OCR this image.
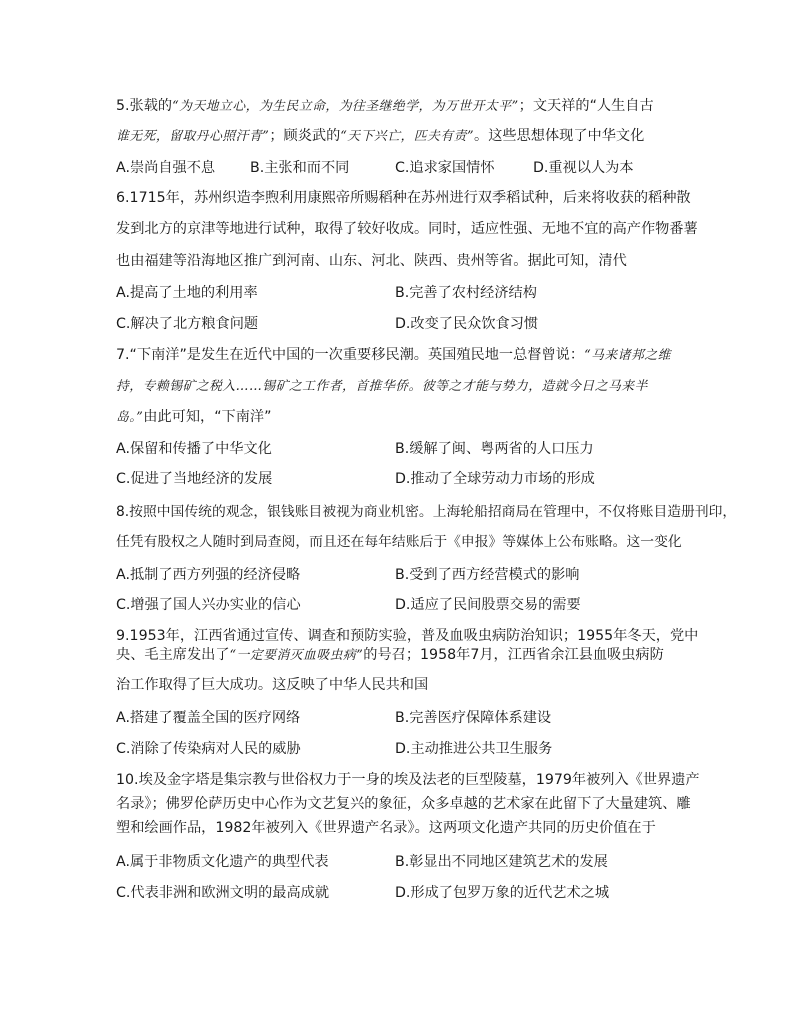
5.张载的“为天地立心，为生民立命，为往圣继绝学，为万世开太平”；文天祥的“人生自古
谁无死，留取丹心照汗青”；顾炎武的“天下兴亡，匹夫有责”。这些思想体现了中华文化
A.崇尚自强不息 B.主张和而不同	C.追求家国情怀	D.重视以人为本
6.1715年，苏州织造李煦利用康熙帝所赐稻种在苏州进行双季稻试种，后来将收获的稻种散
发到北方的京津等地进行试种，取得了较好收成。同时，适应性强、无地不宜的高产作物番薯
也由福建等沿海地区推广到河南、山东、河北、陕西、贵州等省。据此可知，清代
A.提高了土地的利用率	B.完善了农村经济结构
C.解决了北方粮食问题	D.改变了民众饮食习惯
7.“下南洋”是发生在近代中国的一次重要移民潮。英国殖民地一总督曾说：“马来诸邦之维
持，专赖锡矿之税入……锡矿之工作者，首推华侨。彼等之才能与势力，造就今日之马来半
岛。”由此可知，“下南洋”
A.保留和传播了中华文化	B.缓解了闽、粤两省的人口压力
C.促进了当地经济的发展	D.推动了全球劳动力市场的形成
8.按照中国传统的观念，银钱账目被视为商业机密。上海轮船招商局在管理中，不仅将账目造册刊印，
任凭有股权之人随时到局查阅，而且还在每年结账后于《申报》等媒体上公布账略。这一变化
A.抵制了西方列强的经济侵略	B.受到了西方经营模式的影响
C.增强了国人兴办实业的信心	D.适应了民间股票交易的需要
9.1953年，江西省通过宣传、调查和预防实验，普及血吸虫病防治知识；1955年冬天，党中
央、毛主席发出了“一定要消灭血吸虫病”的号召；1958年7月，江西省余江县血吸虫病防
治工作取得了巨大成功。这反映了中华人民共和国
A.搭建了覆盖全国的医疗网络	B.完善医疗保障体系建设
C.消除了传染病对人民的威胁	D.主动推进公共卫生服务
10.埃及金字塔是集宗教与世俗权力于一身的埃及法老的巨型陵墓，1979年被列入《世界遗产
名录》；佛罗伦萨历史中心作为文艺复兴的象征，众多卓越的艺术家在此留下了大量建筑、雕
塑和绘画作品，1982年被列入《世界遗产名录》。这两项文化遗产共同的历史价值在于
A.属于非物质文化遗产的典型代表	B.彰显出不同地区建筑艺术的发展
C.代表非洲和欧洲文明的最高成就	D.形成了包罗万象的近代艺术之城
